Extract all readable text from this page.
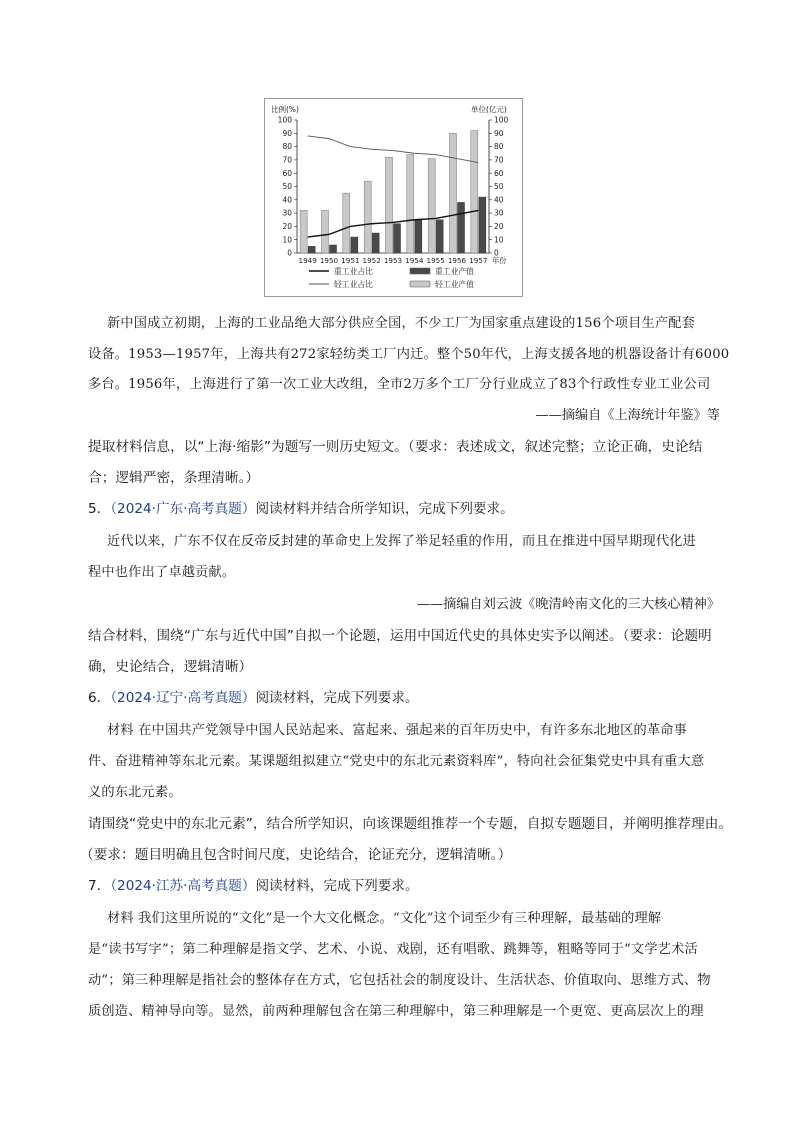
比例(%)	单位(亿元)
0
10
20
30
40
50
60
70
80
90
100
0
10
20
30
40
50
60
70
80
90
100
1949 1950 1951 1952 1953 1954 1955 1956 1957 年份
重工业占比	重工业产值
轻工业占比	轻工业产值
新中国成立初期，上海的工业品绝大部分供应全国，不少工厂为国家重点建设的156个项目生产配套
设备。1953—1957年，上海共有272家轻纺类工厂内迁。整个50年代，上海支援各地的机器设备计有6000
多台。1956年，上海进行了第一次工业大改组，全市2万多个工厂分行业成立了83个行政性专业工业公司
——摘编自《上海统计年鉴》等
提取材料信息，以“上海·缩影”为题写一则历史短文。（要求：表述成文，叙述完整；立论正确，史论结
合；逻辑严密，条理清晰。）
5．（2024·广东·高考真题）阅读材料并结合所学知识，完成下列要求。
近代以来，广东不仅在反帝反封建的革命史上发挥了举足轻重的作用，而且在推进中国早期现代化进
程中也作出了卓越贡献。
——摘编自刘云波《晚清岭南文化的三大核心精神》
结合材料，围绕“广东与近代中国”自拟一个论题，运用中国近代史的具体史实予以阐述。（要求：论题明
确，史论结合，逻辑清晰）
6．（2024·辽宁·高考真题）阅读材料，完成下列要求。
材料 在中国共产党领导中国人民站起来、富起来、强起来的百年历史中，有许多东北地区的革命事
件、奋进精神等东北元素。某课题组拟建立“党史中的东北元素资料库”，特向社会征集党史中具有重大意
义的东北元素。
请围绕“党史中的东北元素”，结合所学知识，向该课题组推荐一个专题，自拟专题题目，并阐明推荐理由。
（要求：题目明确且包含时间尺度，史论结合，论证充分，逻辑清晰。）
7．（2024·江苏·高考真题）阅读材料，完成下列要求。
材料 我们这里所说的“文化”是一个大文化概念。“文化”这个词至少有三种理解，最基础的理解
是“读书写字”；第二种理解是指文学、艺术、小说、戏剧，还有唱歌、跳舞等，粗略等同于“文学艺术活
动”；第三种理解是指社会的整体存在方式，它包括社会的制度设计、生活状态、价值取向、思维方式、物
质创造、精神导向等。显然，前两种理解包含在第三种理解中，第三种理解是一个更宽、更高层次上的理
